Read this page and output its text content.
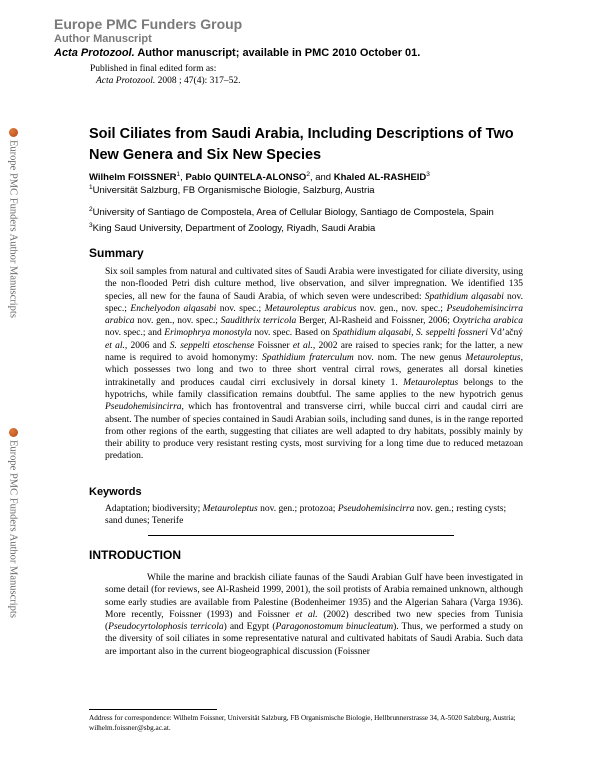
Europe PMC Funders Group
Author Manuscript
Acta Protozool. Author manuscript; available in PMC 2010 October 01.
Published in final edited form as:
Acta Protozool. 2008 ; 47(4): 317–52.
Europe PMC Funders Author Manuscripts
Europe PMC Funders Author Manuscripts
Soil Ciliates from Saudi Arabia, Including Descriptions of Two New Genera and Six New Species
Wilhelm FOISSNER$^1$, Pablo QUINTELA-ALONSO$^2$, and Khaled AL-RASHEID$^3$
$^1$Universität Salzburg, FB Organismische Biologie, Salzburg, Austria
$^2$University of Santiago de Compostela, Area of Cellular Biology, Santiago de Compostela, Spain
$^3$King Saud University, Department of Zoology, Riyadh, Saudi Arabia
Summary

Six soil samples from natural and cultivated sites of Saudi Arabia were investigated for ciliate diversity, using the non-flooded Petri dish culture method, live observation, and silver impregnation. We identified 135 species, all new for the fauna of Saudi Arabia, of which seven were undescribed: Spathidium alqasabi nov. spec.; Enchelyodon alqasabi nov. spec.; Metauroleptus arabicus nov. gen., nov. spec.; Pseudohemisincirra arabica nov. gen., nov. spec.; Saudithrix terricola Berger, Al-Rasheid and Foissner, 2006; Oxytricha arabica nov. spec.; and Erimophrya monostyla nov. spec. Based on Spathidium alqasabi, S. seppelti fossneri Vd’ačný et al., 2006 and S. seppelti etoschense Foissner et al., 2002 are raised to species rank; for the latter, a new name is required to avoid homonymy: Spathidium fraterculum nov. nom. The new genus Metauroleptus, which possesses two long and two to three short ventral cirral rows, generates all dorsal kineties intrakinetally and produces caudal cirri exclusively in dorsal kinety 1. Metauroleptus belongs to the hypotrichs, while family classification remains doubtful. The same applies to the new hypotrich genus Pseudohemisincirra, which has frontoventral and transverse cirri, while buccal cirri and caudal cirri are absent. The number of species contained in Saudi Arabian soils, including sand dunes, is in the range reported from other regions of the earth, suggesting that ciliates are well adapted to dry habitats, possibly mainly by their ability to produce very resistant resting cysts, most surviving for a long time due to reduced metazoan predation.

Keywords

Adaptation; biodiversity; Metauroleptus nov. gen.; protozoa; Pseudohemisincirra nov. gen.; resting cysts; sand dunes; Tenerife

INTRODUCTION

While the marine and brackish ciliate faunas of the Saudi Arabian Gulf have been investigated in some detail (for reviews, see Al-Rasheid 1999, 2001), the soil protists of Arabia remained unknown, although some early studies are available from Palestine (Bodenheimer 1935) and the Algerian Sahara (Varga 1936). More recently, Foissner (1993) and Foissner et al. (2002) described two new species from Tunisia (Pseudocyrtolophosis terricola) and Egypt (Paragonostomum binucleatum). Thus, we performed a study on the diversity of soil ciliates in some representative natural and cultivated habitats of Saudi Arabia. Such data are important also in the current biogeographical discussion (Foissner

Address for correspondence: Wilhelm Foissner, Universität Salzburg, FB Organismische Biologie, Hellbrunnerstrasse 34, A-5020 Salzburg, Austria; wilhelm.foissner@sbg.ac.at.
